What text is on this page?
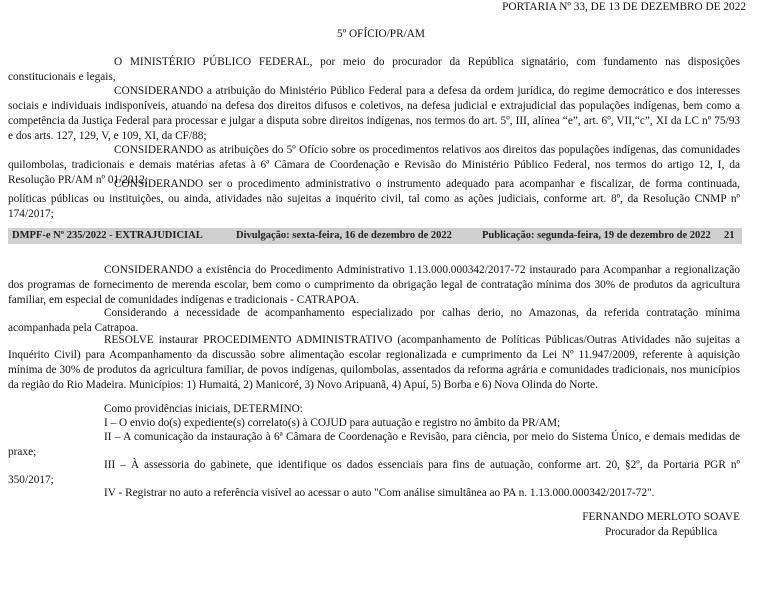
PORTARIA Nº 33, DE 13 DE DEZEMBRO DE 2022
5º OFÍCIO/PR/AM

O MINISTÉRIO PÚBLICO FEDERAL, por meio do procurador da República signatário, com fundamento nas disposições constitucionais e legais,

CONSIDERANDO a atribuição do Ministério Público Federal para a defesa da ordem jurídica, do regime democrático e dos interesses sociais e individuais indisponíveis, atuando na defesa dos direitos difusos e coletivos, na defesa judicial e extrajudicial das populações indígenas, bem como a competência da Justiça Federal para processar e julgar a disputa sobre direitos indígenas, nos termos do art. 5º, III, alínea “e”, art. 6º, VII,“c”, XI da LC nº 75/93 e dos arts. 127, 129, V, e 109, XI, da CF/88;

CONSIDERANDO as atribuições do 5º Ofício sobre os procedimentos relativos aos direitos das populações indígenas, das comunidades quilombolas, tradicionais e demais matérias afetas à 6ª Câmara de Coordenação e Revisão do Ministério Público Federal, nos termos do artigo 12, I, da Resolução PR/AM nº 01/2012;

CONSIDERANDO ser o procedimento administrativo o instrumento adequado para acompanhar e fiscalizar, de forma continuada, políticas públicas ou instituições, ou ainda, atividades não sujeitas a inquérito civil, tal como as ações judiciais, conforme art. 8º, da Resolução CNMP nº 174/2017;

DMPF-e Nº 235/2022 - EXTRAJUDICIAL	Divulgação: sexta-feira, 16 de dezembro de 2022	Publicação: segunda-feira, 19 de dezembro de 2022 21

CONSIDERANDO a existência do Procedimento Administrativo 1.13.000.000342/2017-72 instaurado para Acompanhar a regionalização dos programas de fornecimento de merenda escolar, bem como o cumprimento da obrigação legal de contratação mínima dos 30% de produtos da agricultura familiar, em especial de comunidades indígenas e tradicionais - CATRAPOA.

Considerando a necessidade de acompanhamento especializado por calhas derio, no Amazonas, da referida contratação mínima acompanhada pela Catrapoa.

RESOLVE instaurar PROCEDIMENTO ADMINISTRATIVO (acompanhamento de Políticas Públicas/Outras Atividades não sujeitas a Inquérito Civil) para Acompanhamento da discussão sobre alimentação escolar regionalizada e cumprimento da Lei Nº 11.947/2009, referente à aquisição mínima de 30% de produtos da agricultura familiar, de povos indígenas, quilombolas, assentados da reforma agrária e comunidades tradicionais, nos municípios da região do Rio Madeira. Municípios: 1) Humaitá, 2) Manicoré, 3) Novo Aripuanã, 4) Apuí, 5) Borba e 6) Nova Olinda do Norte.

Como providências iniciais, DETERMINO:

I – O envio do(s) expediente(s) correlato(s) à COJUD para autuação e registro no âmbito da PR/AM;

II – A comunicação da instauração à 6ª Câmara de Coordenação e Revisão, para ciência, por meio do Sistema Único, e demais medidas de praxe;

III – À assessoria do gabinete, que identifique os dados essenciais para fins de autuação, conforme art. 20, §2º, da Portaria PGR nº 350/2017;

IV - Registrar no auto a referência visível ao acessar o auto "Com análise simultânea ao PA n. 1.13.000.000342/2017-72".

FERNANDO MERLOTO SOAVE
Procurador da República
